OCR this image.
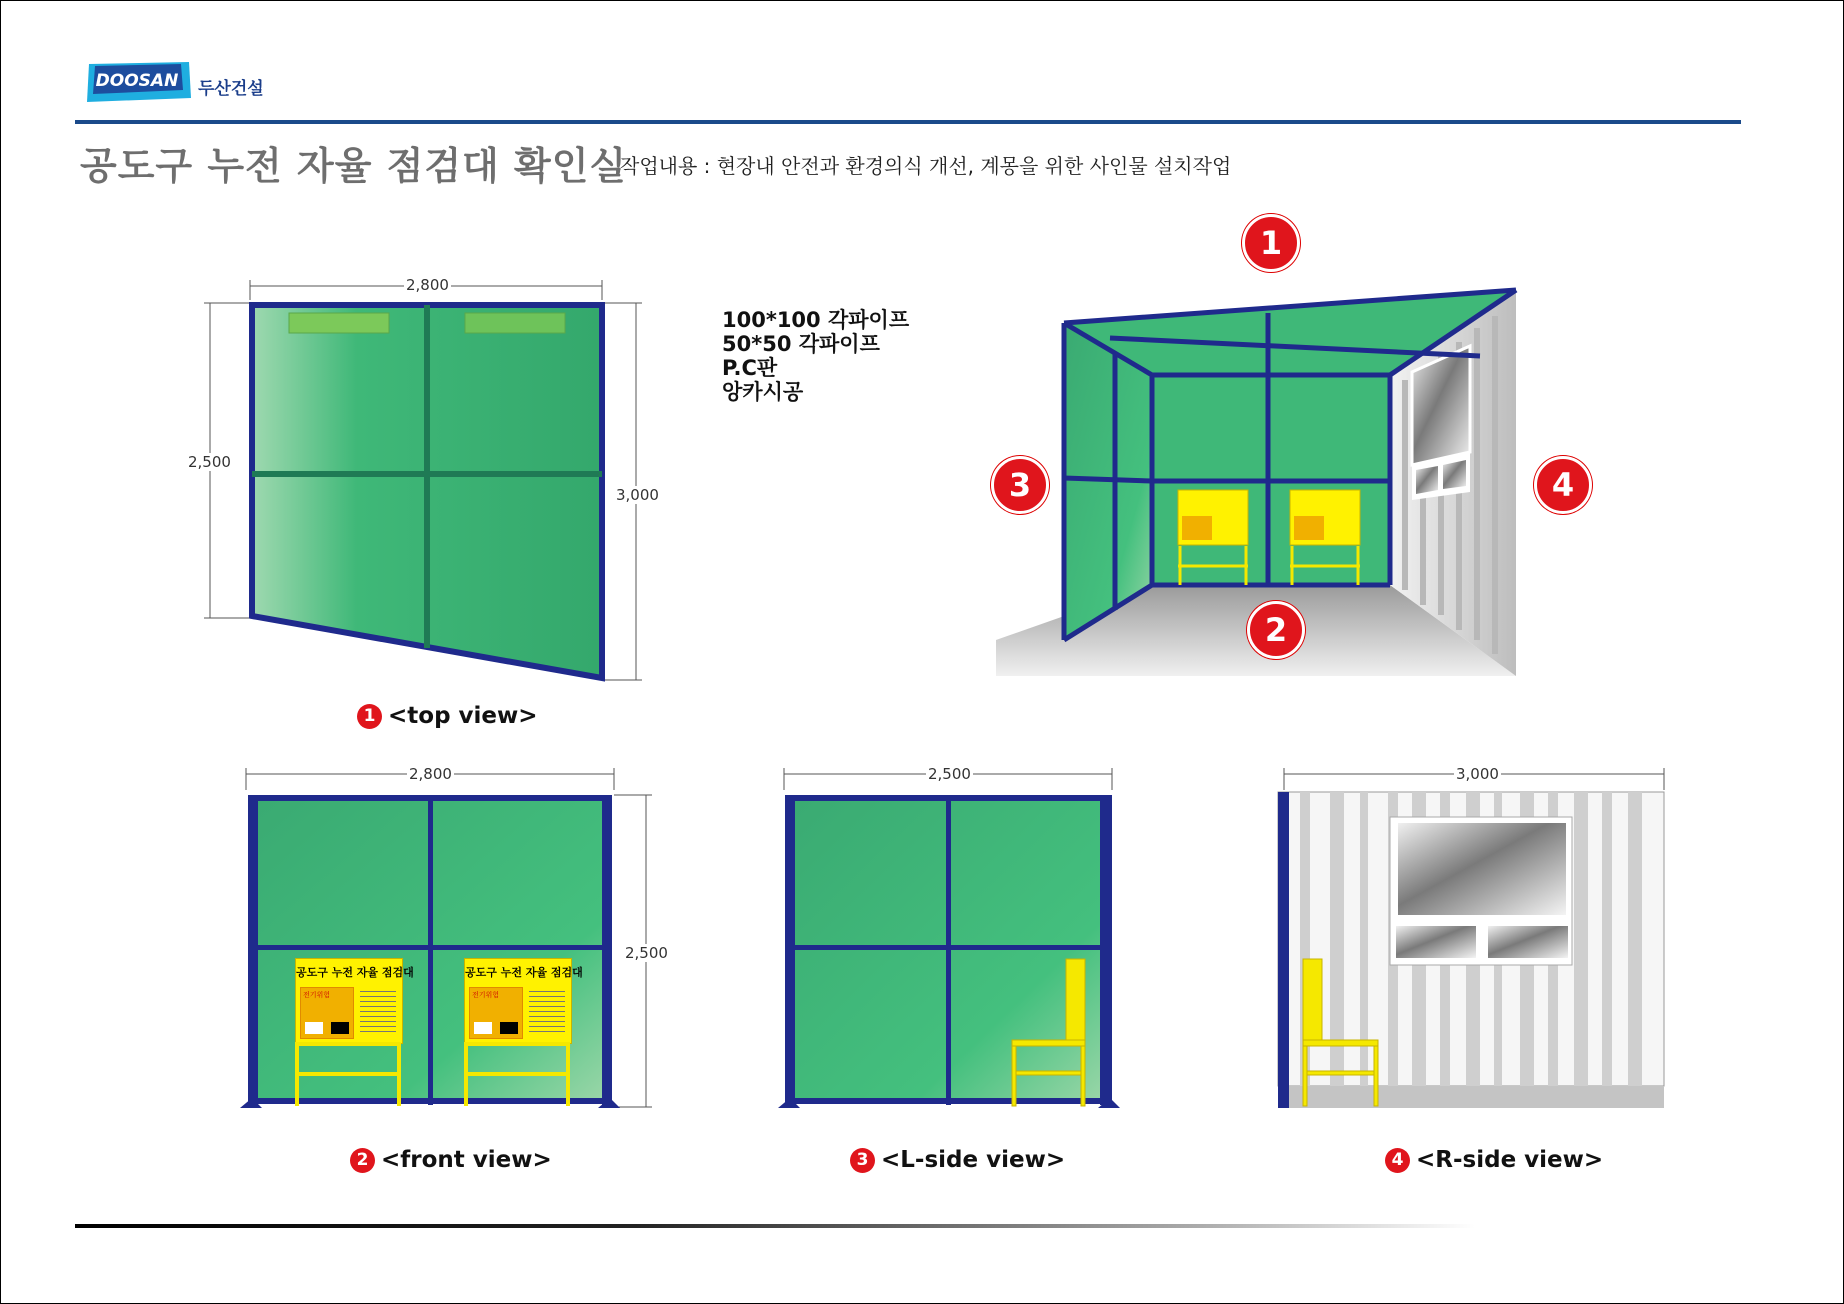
DOOSAN 두산건설
공도구 누전 자율 점검대 확인실
작업내용 : 현장내 안전과 환경의식 개선, 계몽을 위한 사인물 설치작업
100*100 각파이프
50*50 각파이프
P.C판
앙카시공
공도구 누전 자율 점검대
전기위험
공도구 누전 자율 점검대
전기위험
2,800
2,500
3,000
2,800
2,500
2,500	3,000
1
2
3	4
1 <top view>
2 <front view>	3 <L-side view>	4 <R-side view>
